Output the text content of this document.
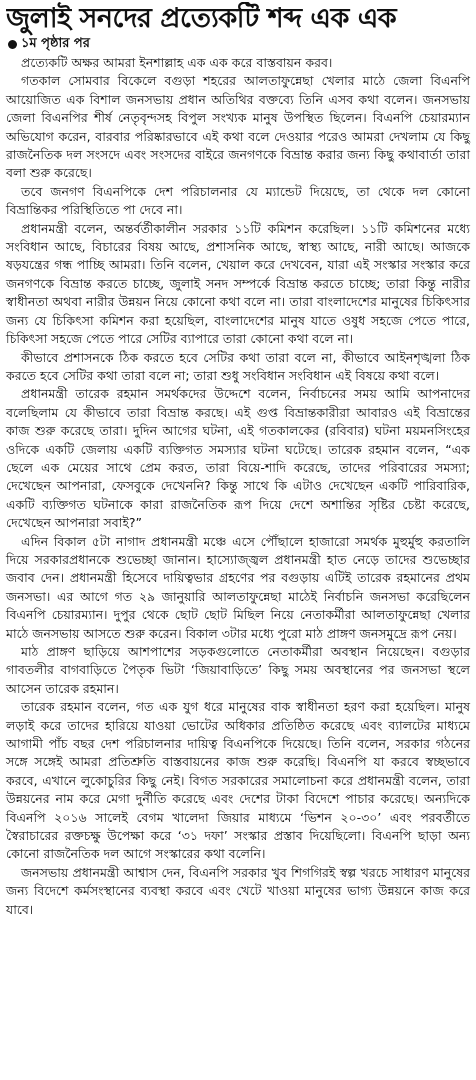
জুলাই সনদের প্রত্যেকটি শব্দ এক এক
১ম পৃষ্ঠার পর

প্রত্যেকটি অক্ষর আমরা ইনশাল্লাহ এক এক করে বাস্তবায়ন করব।

গতকাল সোমবার বিকেলে বগুড়া শহরের আলতাফুন্নেছা খেলার মাঠে জেলা বিএনপি আয়োজিত এক বিশাল জনসভায় প্রধান অতিথির বক্তব্যে তিনি এসব কথা বলেন। জনসভায় জেলা বিএনপির শীর্ষ নেতৃবৃন্দসহ বিপুল সংখ্যক মানুষ উপস্থিত ছিলেন। বিএনপি চেয়ারম্যান অভিযোগ করেন, বারবার পরিষ্কারভাবে এই কথা বলে দেওয়ার পরেও আমরা দেখলাম যে কিছু রাজনৈতিক দল সংসদে এবং সংসদের বাইরে জনগণকে বিভ্রান্ত করার জন্য কিছু কথাবার্তা তারা বলা শুরু করেছে।

তবে জনগণ বিএনপিকে দেশ পরিচালনার যে ম্যান্ডেট দিয়েছে, তা থেকে দল কোনো বিভ্রান্তিকর পরিস্থিতিতে পা দেবে না।

প্রধানমন্ত্রী বলেন, অন্তর্বর্তীকালীন সরকার ১১টি কমিশন করেছিল। ১১টি কমিশনের মধ্যে সংবিধান আছে, বিচারের বিষয় আছে, প্রশাসনিক আছে, স্বাস্থ্য আছে, নারী আছে। আজকে ষড়যন্ত্রের গন্ধ পাচ্ছি আমরা। তিনি বলেন, খেয়াল করে দেখবেন, যারা এই সংস্কার সংস্কার করে জনগণকে বিভ্রান্ত করতে চাচ্ছে, জুলাই সনদ সম্পর্কে বিভ্রান্ত করতে চাচ্ছে; তারা কিন্তু নারীর স্বাধীনতা অথবা নারীর উন্নয়ন নিয়ে কোনো কথা বলে না। তারা বাংলাদেশের মানুষের চিকিৎসার জন্য যে চিকিৎসা কমিশন করা হয়েছিল, বাংলাদেশের মানুষ যাতে ওষুধ সহজে পেতে পারে, চিকিৎসা সহজে পেতে পারে সেটির ব্যাপারে তারা কোনো কথা বলে না।

কীভাবে প্রশাসনকে ঠিক করতে হবে সেটির কথা তারা বলে না, কীভাবে আইনশৃঙ্খলা ঠিক করতে হবে সেটির কথা তারা বলে না; তারা শুধু সংবিধান সংবিধান এই বিষয়ে কথা বলে।

প্রধানমন্ত্রী তারেক রহমান সমর্থকদের উদ্দেশে বলেন, নির্বাচনের সময় আমি আপনাদের বলেছিলাম যে কীভাবে তারা বিভ্রান্ত করছে। এই গুপ্ত বিভ্রান্তকারীরা আবারও এই বিভ্রান্তের কাজ শুরু করেছে তারা। দুদিন আগের ঘটনা, এই গতকালকের (রবিবার) ঘটনা ময়মনসিংহের ওদিকে একটি জেলায় একটি ব্যক্তিগত সমস্যার ঘটনা ঘটেছে। তারেক রহমান বলেন, “এক ছেলে এক মেয়ের সাথে প্রেম করত, তারা বিয়ে-শাদি করেছে, তাদের পরিবারের সমস্যা; দেখেছেন আপনারা, ফেসবুকে দেখেননি? কিন্তু সাথে কি এটাও দেখেছেন একটি পারিবারিক, একটি ব্যক্তিগত ঘটনাকে কারা রাজনৈতিক রূপ দিয়ে দেশে অশান্তির সৃষ্টির চেষ্টা করেছে, দেখেছেন আপনারা সবাই?”

এদিন বিকাল ৫টা নাগাদ প্রধানমন্ত্রী মঞ্চে এসে পৌঁছালে হাজারো সমর্থক মুহুর্মুহু করতালি দিয়ে সরকারপ্রধানকে শুভেচ্ছা জানান। হাস্যোজ্জ্বল প্রধানমন্ত্রী হাত নেড়ে তাদের শুভেচ্ছার জবাব দেন। প্রধানমন্ত্রী হিসেবে দায়িত্বভার গ্রহণের পর বগুড়ায় এটিই তারেক রহমানের প্রথম জনসভা। এর আগে গত ২৯ জানুয়ারি আলতাফুন্নেছা মাঠেই নির্বাচনি জনসভা করেছিলেন বিএনপি চেয়ারম্যান। দুপুর থেকে ছোট ছোট মিছিল নিয়ে নেতাকর্মীরা আলতাফুন্নেছা খেলার মাঠে জনসভায় আসতে শুরু করেন। বিকাল ৩টার মধ্যে পুরো মাঠ প্রাঙ্গণ জনসমুদ্রে রূপ নেয়।

মাঠ প্রাঙ্গণ ছাড়িয়ে আশপাশের সড়কগুলোতে নেতাকর্মীরা অবস্থান নিয়েছেন। বগুড়ার গাবতলীর বাগবাড়িতে পৈতৃক ভিটা ‘জিয়াবাড়িতে’ কিছু সময় অবস্থানের পর জনসভা স্থলে আসেন তারেক রহমান।

তারেক রহমান বলেন, গত এক যুগ ধরে মানুষের বাক স্বাধীনতা হরণ করা হয়েছিল। মানুষ লড়াই করে তাদের হারিয়ে যাওয়া ভোটের অধিকার প্রতিষ্ঠিত করেছে এবং ব্যালটের মাধ্যমে আগামী পাঁচ বছর দেশ পরিচালনার দায়িত্ব বিএনপিকে দিয়েছে। তিনি বলেন, সরকার গঠনের সঙ্গে সঙ্গেই আমরা প্রতিশ্রুতি বাস্তবায়নের কাজ শুরু করেছি। বিএনপি যা করবে স্বচ্ছভাবে করবে, এখানে লুকোচুরির কিছু নেই। বিগত সরকারের সমালোচনা করে প্রধানমন্ত্রী বলেন, তারা উন্নয়নের নাম করে মেগা দুর্নীতি করেছে এবং দেশের টাকা বিদেশে পাচার করেছে। অন্যদিকে বিএনপি ২০১৬ সালেই বেগম খালেদা জিয়ার মাধ্যমে ‘ভিশন ২০-৩০’ এবং পরবর্তীতে স্বৈরাচারের রক্তচক্ষু উপেক্ষা করে ‘৩১ দফা’ সংস্কার প্রস্তাব দিয়েছিলো। বিএনপি ছাড়া অন্য কোনো রাজনৈতিক দল আগে সংস্কারের কথা বলেনি।

জনসভায় প্রধানমন্ত্রী আশ্বাস দেন, বিএনপি সরকার খুব শিগগিরই স্বল্প খরচে সাধারণ মানুষের জন্য বিদেশে কর্মসংস্থানের ব্যবস্থা করবে এবং খেটে খাওয়া মানুষের ভাগ্য উন্নয়নে কাজ করে যাবে।
